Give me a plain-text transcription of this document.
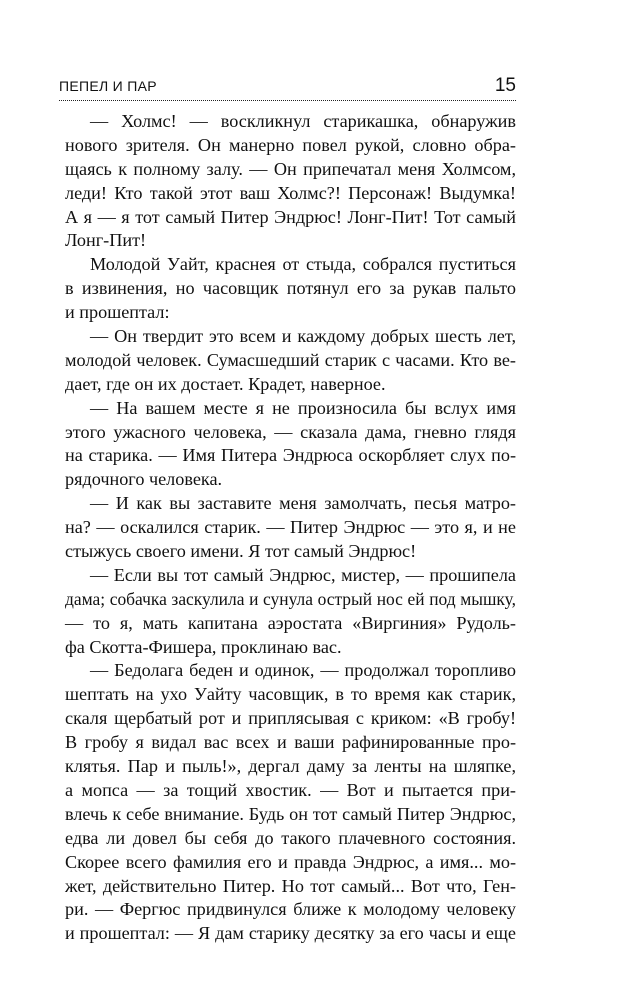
ПЕПЕЛ И ПАР	15
— Холмс! — воскликнул старикашка, обнаружив
нового зрителя. Он манерно повел рукой, словно обра-
щаясь к полному залу. — Он припечатал меня Холмсом,
леди! Кто такой этот ваш Холмс?! Персонаж! Выдумка!
А я — я тот самый Питер Эндрюс! Лонг-Пит! Тот самый
Лонг-Пит!
Молодой Уайт, краснея от стыда, собрался пуститься
в извинения, но часовщик потянул его за рукав пальто
и прошептал:
— Он твердит это всем и каждому добрых шесть лет,
молодой человек. Сумасшедший старик с часами. Кто ве-
дает, где он их достает. Крадет, наверное.
— На вашем месте я не произносила бы вслух имя
этого ужасного человека, — сказала дама, гневно глядя
на старика. — Имя Питера Эндрюса оскорбляет слух по-
рядочного человека.
— И как вы заставите меня замолчать, песья матро-
на? — оскалился старик. — Питер Эндрюс — это я, и не
стыжусь своего имени. Я тот самый Эндрюс!
— Если вы тот самый Эндрюс, мистер, — прошипела
дама; собачка заскулила и сунула острый нос ей под мышку,
— то я, мать капитана аэростата «Виргиния» Рудоль-
фа Скотта-Фишера, проклинаю вас.
— Бедолага беден и одинок, — продолжал торопливо
шептать на ухо Уайту часовщик, в то время как старик,
скаля щербатый рот и приплясывая с криком: «В гробу!
В гробу я видал вас всех и ваши рафинированные про-
клятья. Пар и пыль!», дергал даму за ленты на шляпке,
а мопса — за тощий хвостик. — Вот и пытается при-
влечь к себе внимание. Будь он тот самый Питер Эндрюс,
едва ли довел бы себя до такого плачевного состояния.
Скорее всего фамилия его и правда Эндрюс, а имя... мо-
жет, действительно Питер. Но тот самый... Вот что, Ген-
ри. — Фергюс придвинулся ближе к молодому человеку
и прошептал: — Я дам старику десятку за его часы и еще
